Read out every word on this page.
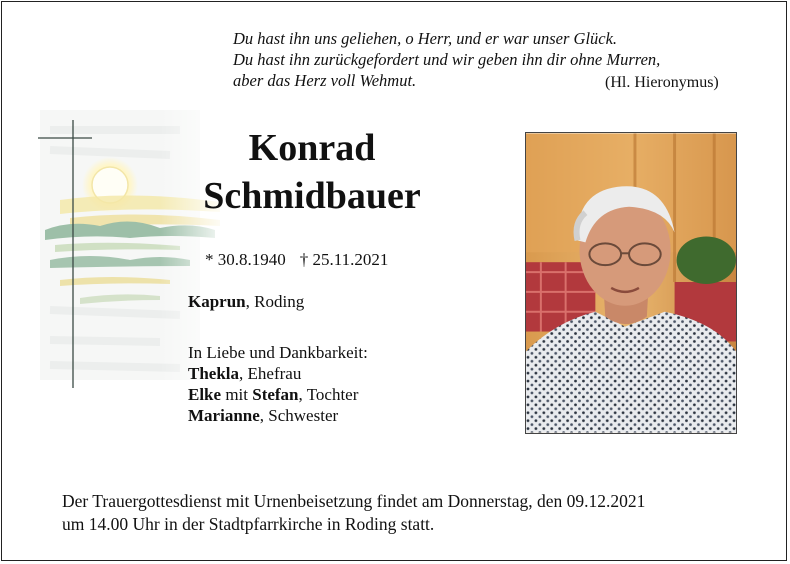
Du hast ihn uns geliehen, o Herr, und er war unser Glück.
Du hast ihn zurückgefordert und wir geben ihn dir ohne Murren,
aber das Herz voll Wehmut.	(Hl. Hieronymus)
Konrad
Schmidbauer
* 30.8.1940 † 25.11.2021
Kaprun, Roding
In Liebe und Dankbarkeit:
Thekla, Ehefrau
Elke mit Stefan, Tochter
Marianne, Schwester
Der Trauergottesdienst mit Urnenbeisetzung findet am Donnerstag, den 09.12.2021
um 14.00 Uhr in der Stadtpfarrkirche in Roding statt.
